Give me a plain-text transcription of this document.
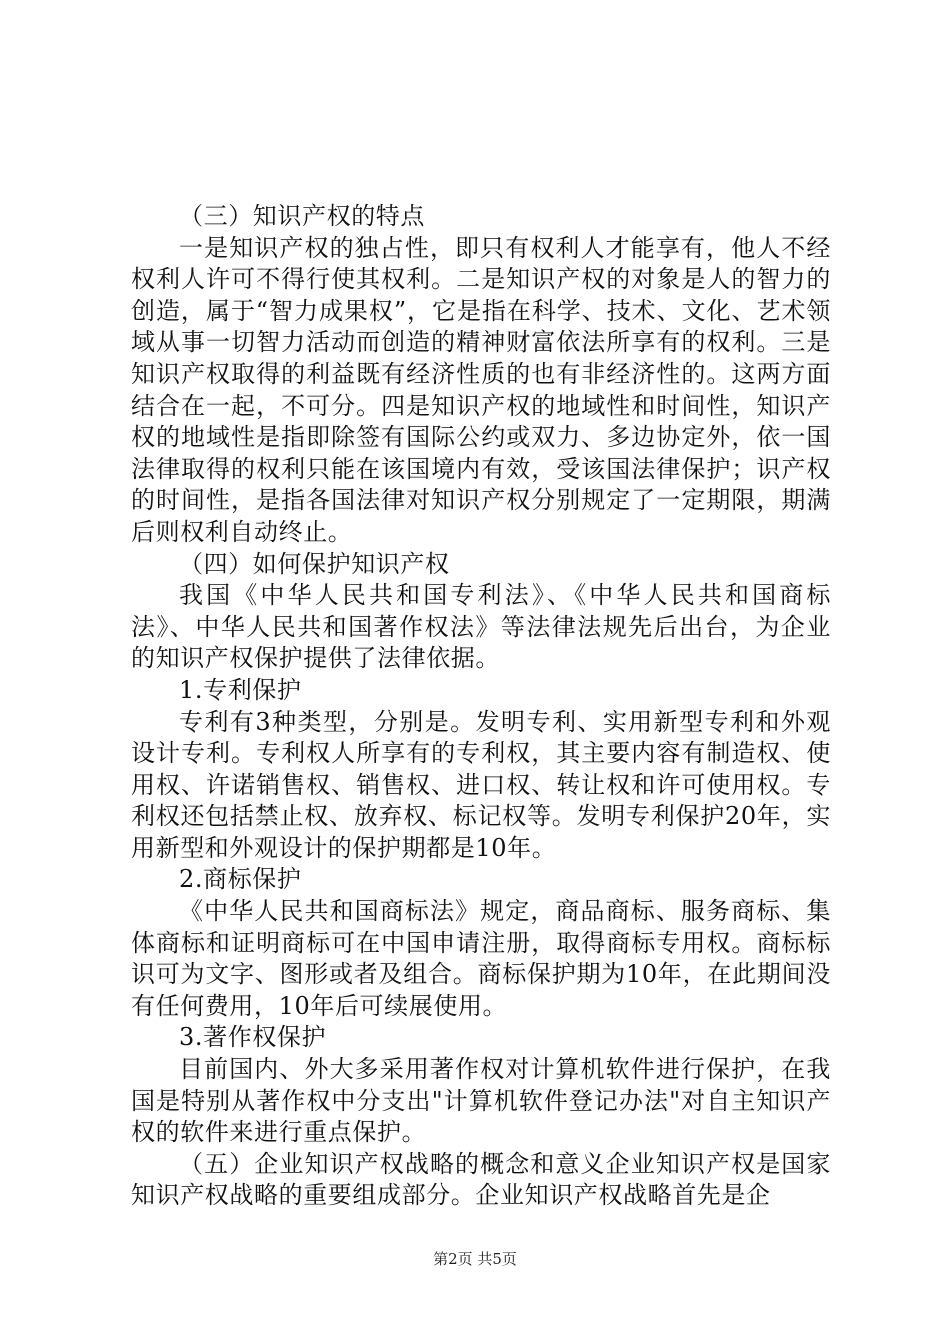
（三）知识产权的特点

一是知识产权的独占性，即只有权利人才能享有，他人不经权利人许可不得行使其权利。二是知识产权的对象是人的智力的创造，属于“智力成果权”，它是指在科学、技术、文化、艺术领域从事一切智力活动而创造的精神财富依法所享有的权利。三是知识产权取得的利益既有经济性质的也有非经济性的。这两方面结合在一起，不可分。四是知识产权的地域性和时间性，知识产权的地域性是指即除签有国际公约或双力、多边协定外，依一国法律取得的权利只能在该国境内有效，受该国法律保护；识产权的时间性，是指各国法律对知识产权分别规定了一定期限，期满后则权利自动终止。

（四）如何保护知识产权

我国《中华人民共和国专利法》、《中华人民共和国商标法》、中华人民共和国著作权法》等法律法规先后出台，为企业的知识产权保护提供了法律依据。

1.专利保护

专利有3种类型，分别是。发明专利、实用新型专利和外观设计专利。专利权人所享有的专利权，其主要内容有制造权、使用权、许诺销售权、销售权、进口权、转让权和许可使用权。专利权还包括禁止权、放弃权、标记权等。发明专利保护20年，实用新型和外观设计的保护期都是10年。

2.商标保护

《中华人民共和国商标法》规定，商品商标、服务商标、集体商标和证明商标可在中国申请注册，取得商标专用权。商标标识可为文字、图形或者及组合。商标保护期为10年，在此期间没有任何费用，10年后可续展使用。

3.著作权保护

目前国内、外大多采用著作权对计算机软件进行保护，在我国是特别从著作权中分支出"计算机软件登记办法"对自主知识产权的软件来进行重点保护。

（五）企业知识产权战略的概念和意义企业知识产权是国家知识产权战略的重要组成部分。企业知识产权战略首先是企

第2页 共5页
